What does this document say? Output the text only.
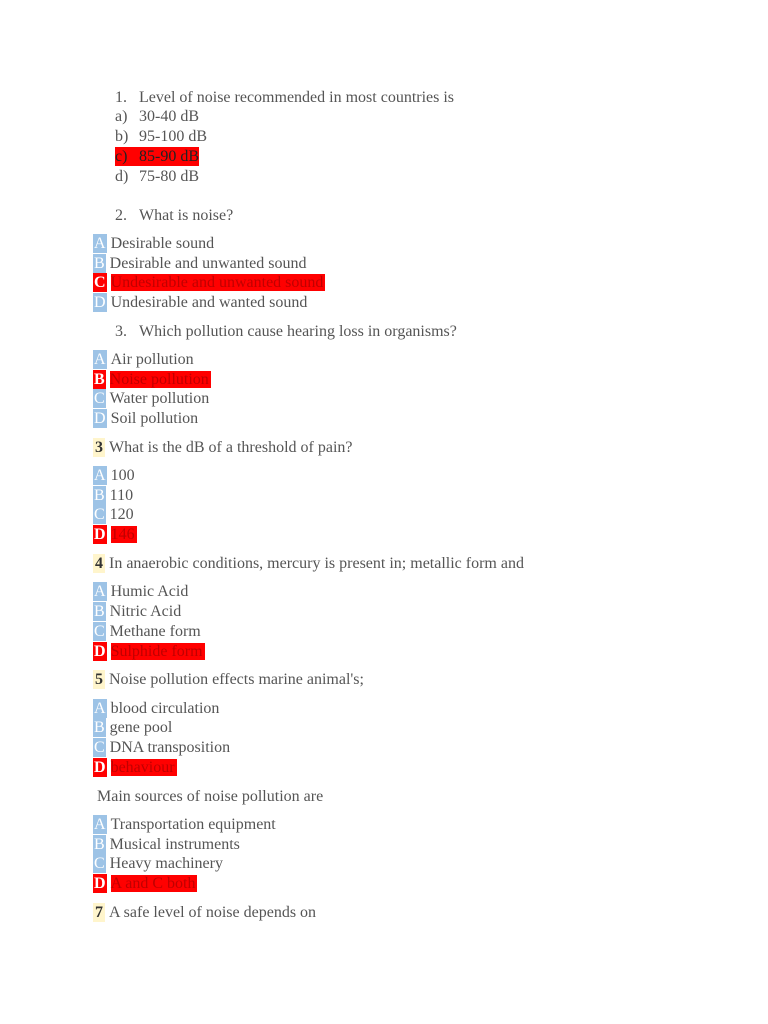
1. Level of noise recommended in most countries is
a) 30-40 dB
b) 95-100 dB
c) 85-90 dB
d) 75-80 dB
2. What is noise?
A Desirable sound
B Desirable and unwanted sound
C Undesirable and unwanted sound
D Undesirable and wanted sound
3. Which pollution cause hearing loss in organisms?
A Air pollution
B Noise pollution
C Water pollution
D Soil pollution
3 What is the dB of a threshold of pain?
A 100
B 110
C 120
D 146
4 In anaerobic conditions, mercury is present in; metallic form and
A Humic Acid
B Nitric Acid
C Methane form
D Sulphide form
5 Noise pollution effects marine animal's;
A blood circulation
B gene pool
C DNA transposition
D behaviour
Main sources of noise pollution are
A Transportation equipment
B Musical instruments
C Heavy machinery
D A and C both
7 A safe level of noise depends on
